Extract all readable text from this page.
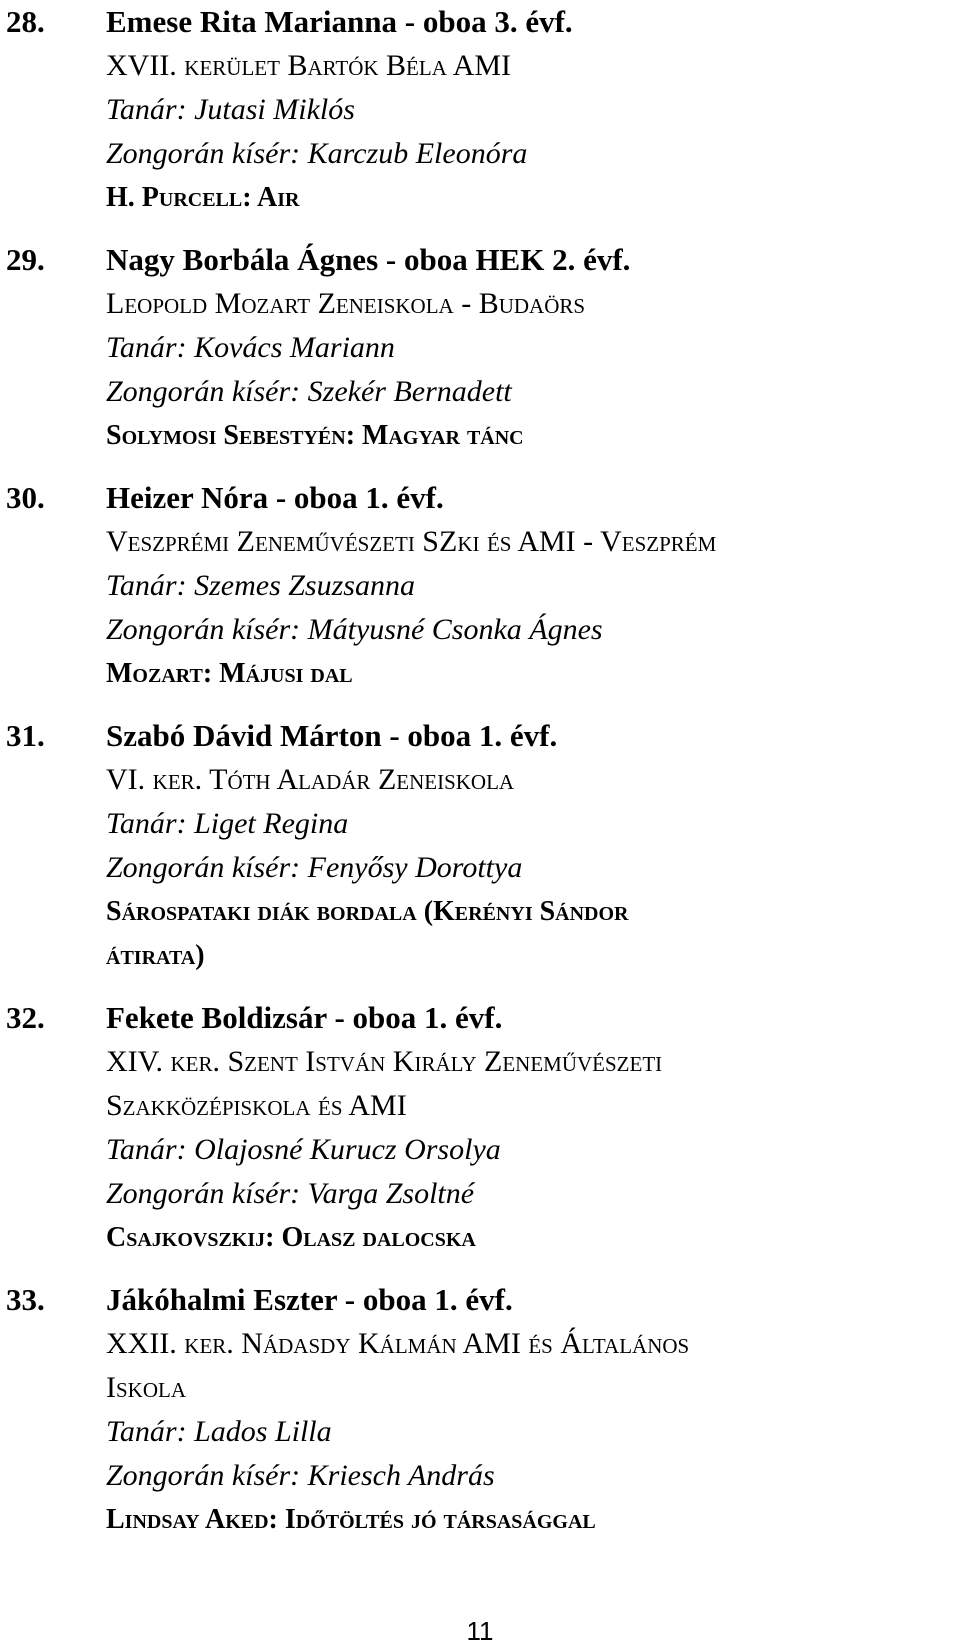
28.	Emese Rita Marianna - oboa 3. évf.
XVII. kerület Bartók Béla AMI
Tanár: Jutasi Miklós
Zongorán kísér: Karczub Eleonóra
H. Purcell: Air
29.	Nagy Borbála Ágnes - oboa HEK 2. évf.
Leopold Mozart Zeneiskola - Budaörs
Tanár: Kovács Mariann
Zongorán kísér: Szekér Bernadett
Solymosi Sebestyén: Magyar tánc
30.	Heizer Nóra - oboa 1. évf.
Veszprémi Zeneművészeti SZki és AMI - Veszprém
Tanár: Szemes Zsuzsanna
Zongorán kísér: Mátyusné Csonka Ágnes
Mozart: Májusi dal
31.	Szabó Dávid Márton - oboa 1. évf.
VI. ker. Tóth Aladár Zeneiskola
Tanár: Liget Regina
Zongorán kísér: Fenyősy Dorottya
Sárospataki diák bordala (Kerényi Sándor
átirata)
32.	Fekete Boldizsár - oboa 1. évf.
XIV. ker. Szent István Király Zeneművészeti
Szakközépiskola és AMI
Tanár: Olajosné Kurucz Orsolya
Zongorán kísér: Varga Zsoltné
Csajkovszkij: Olasz dalocska
33.	Jákóhalmi Eszter - oboa 1. évf.
XXII. ker. Nádasdy Kálmán AMI és Általános
Iskola
Tanár: Lados Lilla
Zongorán kísér: Kriesch András
Lindsay Aked: Időtöltés jó társasággal
11
